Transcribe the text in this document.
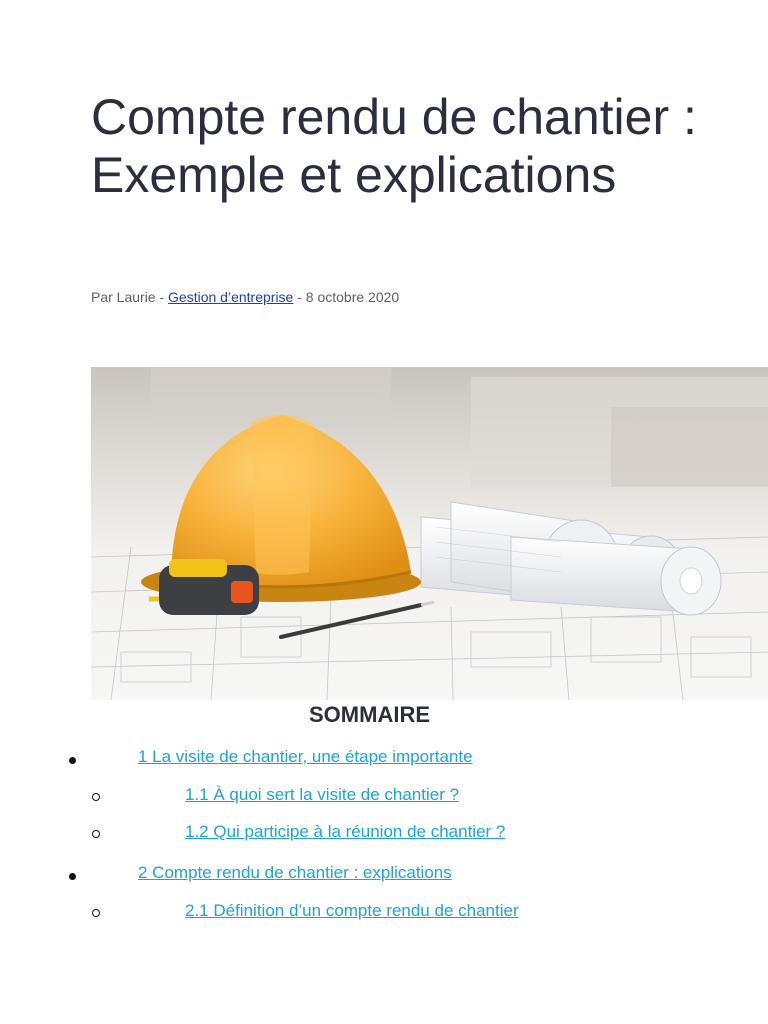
Compte rendu de chantier : Exemple et explications
Par Laurie - Gestion d’entreprise - 8 octobre 2020
SOMMAIRE
1 La visite de chantier, une étape importante
1.1 À quoi sert la visite de chantier ?
1.2 Qui participe à la réunion de chantier ?
2 Compte rendu de chantier : explications
2.1 Définition d’un compte rendu de chantier
